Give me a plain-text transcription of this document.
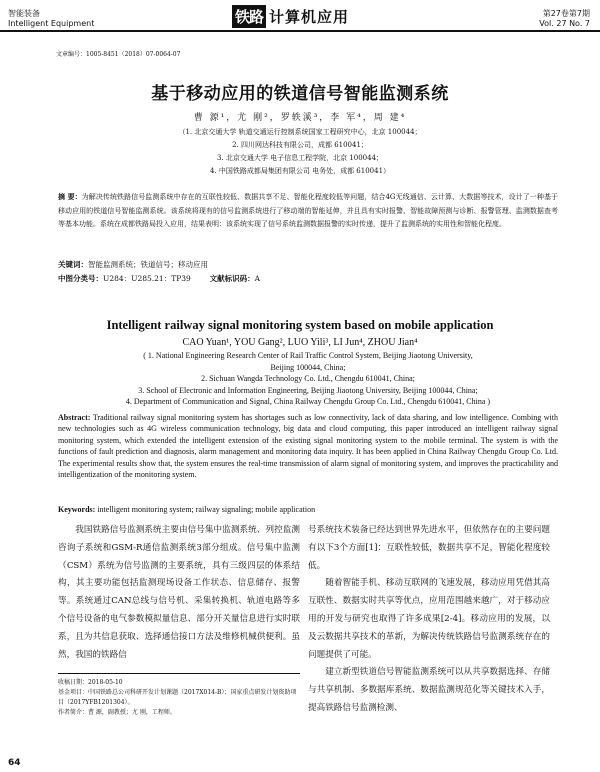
智能装备
Intelligent Equipment	铁路 计算机应用	第27卷第7期
Vol. 27 No. 7
文章编号：1005-8451（2018）07-0064-07
基于移动应用的铁道信号智能监测系统
曹 源¹，尤 刚²，罗轶溪³，李 军⁴，周 建⁴
（1. 北京交通大学 轨道交通运行控制系统国家工程研究中心，北京 100044；
2. 四川网达科技有限公司，成都 610041；
3. 北京交通大学 电子信息工程学院，北京 100044；
4. 中国铁路成都局集团有限公司 电务处，成都 610041）
摘 要：为解决传统铁路信号监测系统中存在的互联性较低、数据共享不足、智能化程度较低等问题，结合4G无线通信、云计算、大数据等技术，设计了一种基于移动应用的铁道信号智能监测系统。该系统将现有的信号监测系统进行了移动端的智能延伸，并且具有实时报警、智能故障预测与诊断、报警管理、监测数据查考等基本功能。系统在成都铁路局投入应用，结果表明：该系统实现了信号系统监测数据报警的实时传递，提升了监测系统的实用性和智能化程度。
关键词：智能监测系统；铁道信号；移动应用
中图分类号：U284：U285.21：TP39	文献标识码：A
Intelligent railway signal monitoring system based on mobile application
CAO Yuan¹, YOU Gang², LUO Yili³, LI Jun⁴, ZHOU Jian⁴
( 1. National Engineering Research Center of Rail Traffic Control System, Beijing Jiaotong University,
Beijing 100044, China;
2. Sichuan Wangda Technology Co. Ltd., Chengdu 610041, China;
3. School of Electronic and Information Engineering, Beijing Jiaotong University, Beijing 100044, China;
4. Department of Communication and Signal, China Railway Chengdu Group Co. Ltd., Chengdu 610041, China )
Abstract: Traditional railway signal monitoring system has shortages such as low connectivity, lack of data sharing, and low intelligence. Combing with new technologies such as 4G wireless communication technology, big data and cloud computing, this paper introduced an intelligent railway signal monitoring system, which extended the intelligent extension of the existing signal monitoring system to the mobile terminal. The system is with the functions of fault prediction and diagnosis, alarm management and monitoring data inquiry. It has been applied in China Railway Chengdu Group Co. Ltd. The experimental results show that, the system ensures the real-time transmission of alarm signal of monitoring system, and improves the practicability and intelligentization of the monitoring system.
Keywords: intelligent monitoring system; railway signaling; mobile application

我国铁路信号监测系统主要由信号集中监测系统、列控监测咨询子系统和GSM-R通信监测系统3部分组成。信号集中监测（CSM）系统为信号监测的主要系统，具有三级四层的体系结构，其主要功能包括监测现场设备工作状态、信息储存、报警等。系统通过CAN总线与信号机、采集转换机、轨道电路等多个信号设备的电气参数模拟量信息、部分开关量信息进行实时联系，且为共信息获取、选择通信接口方法及维修机械供便利。虽然，我国的铁路信

号系统技术装备已经达到世界先进水平，但依然存在的主要问题有以下3个方面[1]：互联性较低，数据共享不足，智能化程度较低。

随着智能手机、移动互联网的飞速发展，移动应用凭借其高互联性、数据实时共享等优点，应用范围越来越广，对于移动应用的开发与研究也取得了许多成果[2-4]。移动应用的发展，以及云数据共享技术的革新，为解决传统铁路信号监测系统存在的问题提供了可能。

建立新型铁道信号智能监测系统可以从共享数据选择、存储与共享机制、多数据库系统、数据监测规范化等关键技术入手，提高铁路信号监测检测、

收稿日期：2018-05-10
基金项目：中国铁路总公司科研开发计划课题（2017X014-B）；国家重点研发计划资助项目（2017YFB1201304）。
作者简介：曹 源，副教授；尤 刚，工程师。
64
